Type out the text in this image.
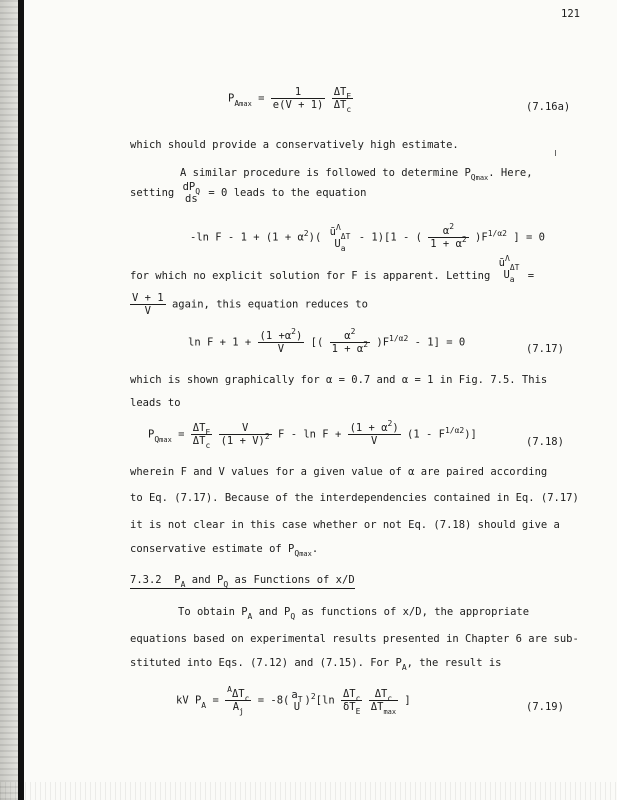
121
$P_{Amax} = \frac{1}{e(V + 1)}$
$\frac{\Delta T_E}{\Delta T_c}$	(7.16a)
which should provide a conservatively high estimate.
A similar procedure is followed to determine $P_{Qmax}$. Here,
setting $dP_Q$
ds	= 0 leads to the equation
-ln $F - 1 + (1 + \alpha^2)$( $ū^\Lambda_{\Delta T}$
$U_a$
- 1)[1 - ( $\frac{\alpha^2}{1 + \alpha^2} )F^{1/\alpha 2}$ ] = 0
for which no explicit solution for F is apparent. Letting
$ū^\Lambda_{\Delta T}$
$U_a$	=
$\frac{V + 1}{V}$ again, this equation reduces to
$\ln F + 1 + \frac{(1 +\alpha^2)}{V}$ [( $\frac{\alpha^2}{1 + \alpha^2} )F^{1/\alpha 2} - 1] = 0$
(7.17)
which is shown graphically for α = 0.7 and α = 1 in Fig. 7.5. This
leads to
$P_{Qmax} = \frac{\Delta T_E}{\Delta T_c}$
$\frac{V}{(1 + V)^2}$ $F - \ln F + \frac{(1 + \alpha^2)}{V} (1 - F^{1/\alpha 2})$]
(7.18)
wherein F and V values for a given value of α are paired according
to Eq. (7.17). Because of the interdependencies contained in Eq. (7.17)
it is not clear in this case whether or not Eq. (7.18) should give a
conservative estimate of $P_{Qmax}$.
7.3.2 $P_A$ and $P_Q$ as Functions of x/D
To obtain $P_A$ and $P_Q$ as functions of x/D, the appropriate
equations based on experimental results presented in Chapter 6 are sub-
stituted into Eqs. (7.12) and (7.15). For $P_A$, the result is
kV $P_A = \frac{^A\Delta T_c}{A_j} = -8$( $a_T$
U )$^2[\ln \frac{\Delta T_c}{\delta T_E}$
$\frac{\Delta T_c}{\Delta T_{max}}$ ]
(7.19)
